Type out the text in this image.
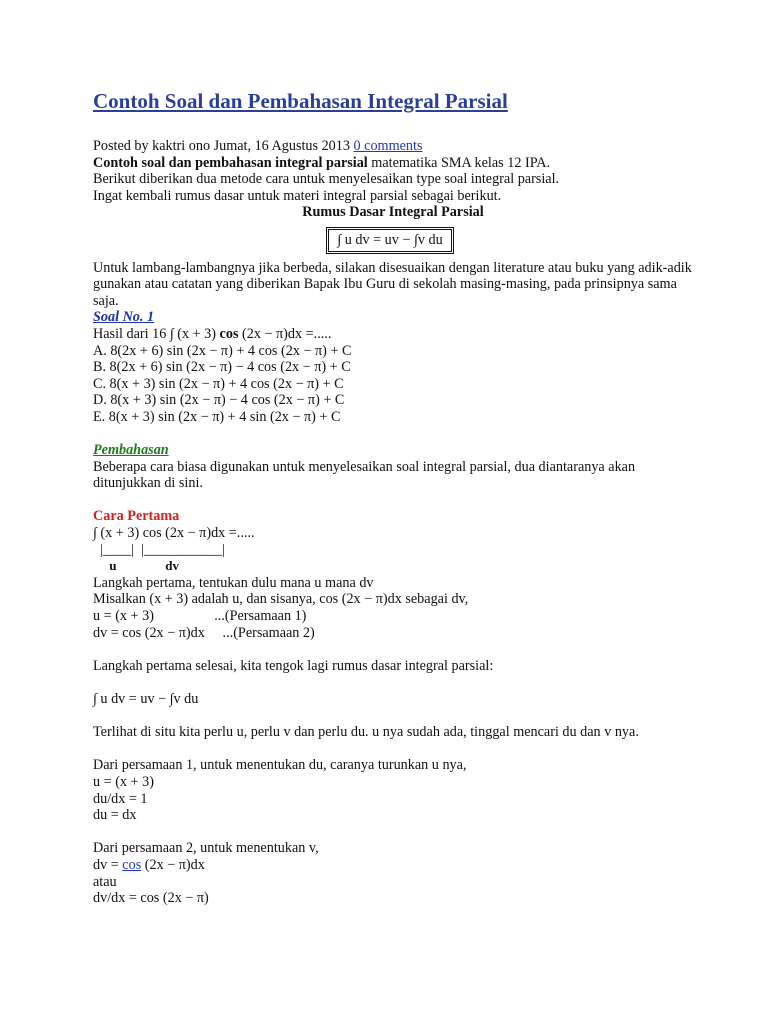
Contoh Soal dan Pembahasan Integral Parsial

Posted by kaktri ono Jumat, 16 Agustus 2013 0 comments

Contoh soal dan pembahasan integral parsial matematika SMA kelas 12 IPA.

Berikut diberikan dua metode cara untuk menyelesaikan type soal integral parsial.

Ingat kembali rumus dasar untuk materi integral parsial sebagai berikut.

Rumus Dasar Integral Parsial

∫ u dv = uv − ∫v du

Untuk lambang-lambangnya jika berbeda, silakan disesuaikan dengan literature atau buku yang adik-adik gunakan atau catatan yang diberikan Bapak Ibu Guru di sekolah masing-masing, pada prinsipnya sama saja.

Soal No. 1

Hasil dari 16 ∫ (x + 3) cos (2x − π)dx =.....

A. 8(2x + 6) sin (2x − π) + 4 cos (2x − π) + C

B. 8(2x + 6) sin (2x − π) − 4 cos (2x − π) + C

C. 8(x + 3) sin (2x − π) + 4 cos (2x − π) + C

D. 8(x + 3) sin (2x − π) − 4 cos (2x − π) + C

E. 8(x + 3) sin (2x − π) + 4 sin (2x − π) + C

Pembahasan

Beberapa cara biasa digunakan untuk menyelesaikan soal integral parsial, dua diantaranya akan ditunjukkan di sini.

Cara Pertama

∫ (x + 3) cos (2x − π)dx =.....

|____|  |___________|

u               dv

Langkah pertama, tentukan dulu mana u mana dv

Misalkan (x + 3) adalah u, dan sisanya, cos (2x − π)dx sebagai dv,

u = (x + 3)                 ...(Persamaan 1)

dv = cos (2x − π)dx     ...(Persamaan 2)

Langkah pertama selesai, kita tengok lagi rumus dasar integral parsial:

∫ u dv = uv − ∫v du

Terlihat di situ kita perlu u, perlu v dan perlu du. u nya sudah ada, tinggal mencari du dan v nya.

Dari persamaan 1, untuk menentukan du, caranya turunkan u nya,

u = (x + 3)

du/dx = 1

du = dx

Dari persamaan 2, untuk menentukan v,

dv = cos (2x − π)dx

atau

dv/dx = cos (2x − π)
